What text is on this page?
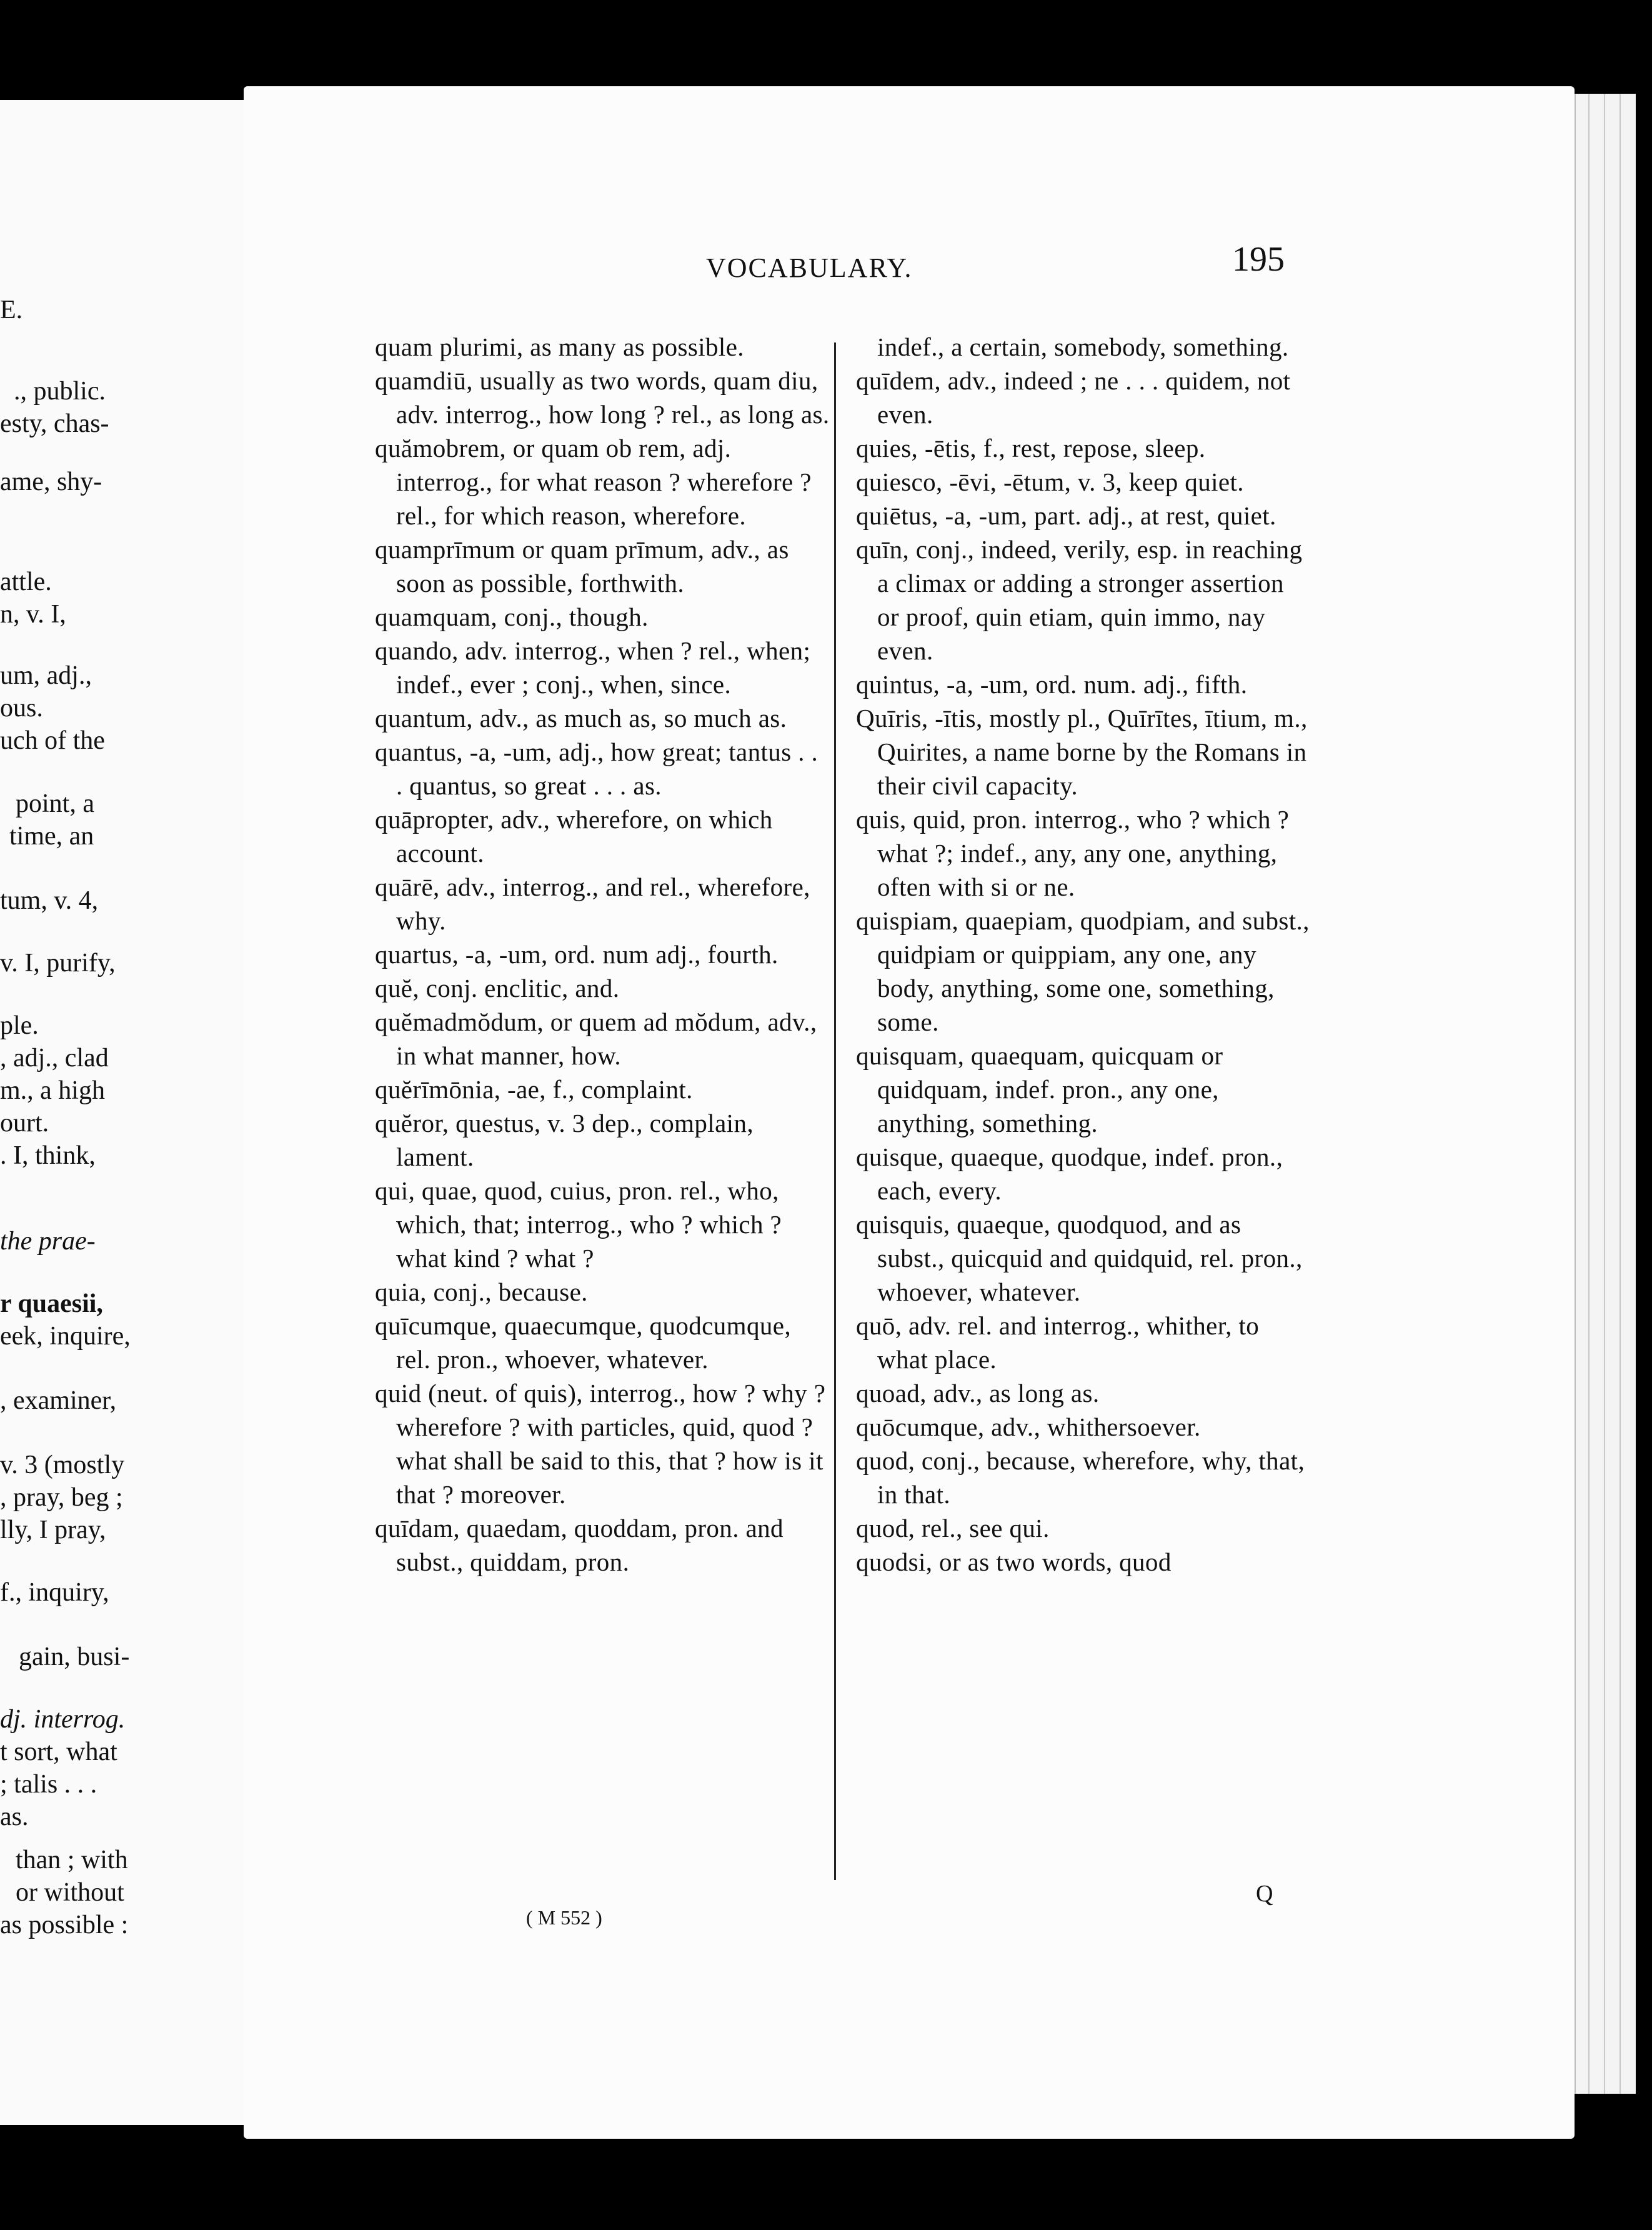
E.
., public.
esty, chas-
ame, shy-
attle.
n, v. I,
um, adj.,
ous.
uch of the
point, a
time, an
tum, v. 4,
v. I, purify,
ple.
, adj., clad
m., a high
ourt.
. I, think,
the prae-
r quaesii,
eek, inquire,
, examiner,
v. 3 (mostly
, pray, beg ;
lly, I pray,
f., inquiry,
gain, busi-
dj. interrog.
t sort, what
; talis . . .
as.
than ; with
or without
as possible :
VOCABULARY.	195

quam plurimi, as many as possible.

quamdiū, usually as two words, quam diu, adv. interrog., how long ? rel., as long as.

quămobrem, or quam ob rem, adj. interrog., for what reason ? wherefore ? rel., for which reason, wherefore.

quamprīmum or quam prīmum, adv., as soon as possible, forthwith.

quamquam, conj., though.

quando, adv. interrog., when ? rel., when; indef., ever ; conj., when, since.

quantum, adv., as much as, so much as.

quantus, -a, -um, adj., how great; tantus . . . quantus, so great . . . as.

quāpropter, adv., wherefore, on which account.

quārē, adv., interrog., and rel., wherefore, why.

quartus, -a, -um, ord. num adj., fourth.

quĕ, conj. enclitic, and.

quĕmadmŏdum, or quem ad mŏdum, adv., in what manner, how.

quĕrīmōnia, -ae, f., complaint.

quĕror, questus, v. 3 dep., complain, lament.

qui, quae, quod, cuius, pron. rel., who, which, that; interrog., who ? which ? what kind ? what ?

quia, conj., because.

quīcumque, quaecumque, quodcumque, rel. pron., whoever, whatever.

quid (neut. of quis), interrog., how ? why ? wherefore ? with particles, quid, quod ? what shall be said to this, that ? how is it that ? moreover.

quīdam, quaedam, quoddam, pron. and subst., quiddam, pron.

indef., a certain, somebody, something.

quīdem, adv., indeed ; ne . . . quidem, not even.

quies, -ētis, f., rest, repose, sleep.

quiesco, -ēvi, -ētum, v. 3, keep quiet.

quiētus, -a, -um, part. adj., at rest, quiet.

quīn, conj., indeed, verily, esp. in reaching a climax or adding a stronger assertion or proof, quin etiam, quin immo, nay even.

quintus, -a, -um, ord. num. adj., fifth.

Quīris, -ītis, mostly pl., Quīrītes, ītium, m., Quirites, a name borne by the Romans in their civil capacity.

quis, quid, pron. interrog., who ? which ? what ?; indef., any, any one, anything, often with si or ne.

quispiam, quaepiam, quodpiam, and subst., quidpiam or quippiam, any one, any body, anything, some one, something, some.

quisquam, quaequam, quicquam or quidquam, indef. pron., any one, anything, something.

quisque, quaeque, quodque, indef. pron., each, every.

quisquis, quaeque, quodquod, and as subst., quicquid and quidquid, rel. pron., whoever, whatever.

quō, adv. rel. and interrog., whither, to what place.

quoad, adv., as long as.

quōcumque, adv., whithersoever.

quod, conj., because, wherefore, why, that, in that.

quod, rel., see qui.

quodsi, or as two words, quod

( M 552 )
Q
